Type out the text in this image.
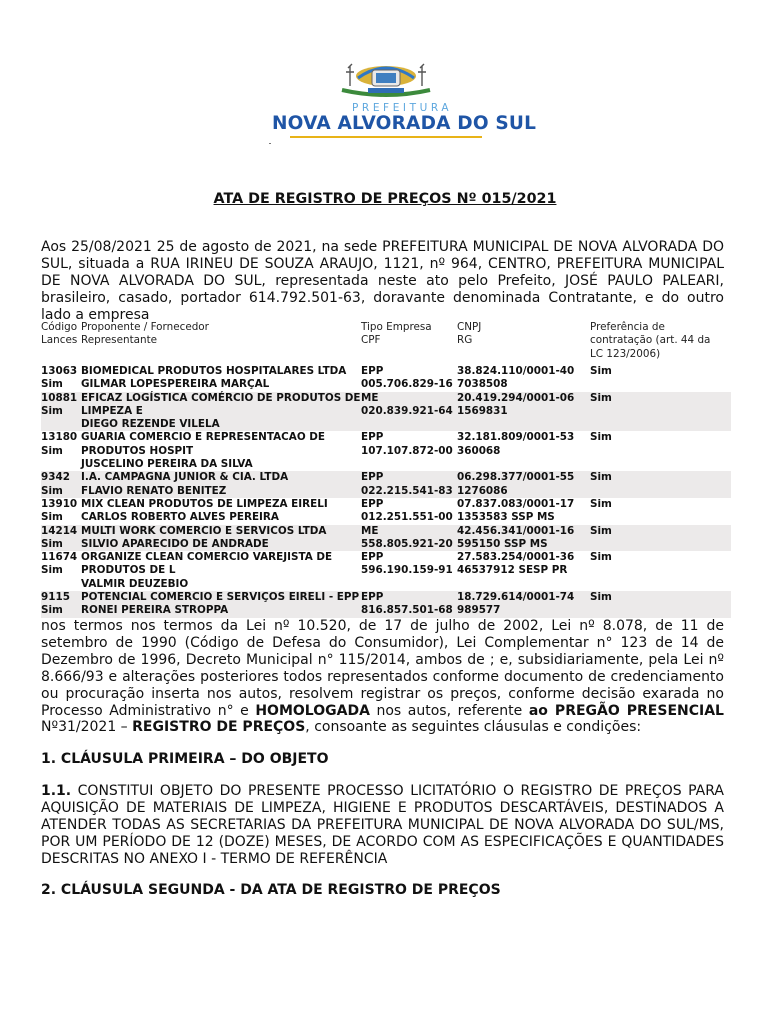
PREFEITURA
NOVA ALVORADA DO SUL
ATA DE REGISTRO DE PREÇOS Nº 015/2021

Aos 25/08/2021 25 de agosto de 2021, na sede PREFEITURA MUNICIPAL DE NOVA ALVORADA DO SUL, situada a RUA IRINEU DE SOUZA ARAUJO, 1121, nº 964, CENTRO, PREFEITURA MUNICIPAL DE NOVA ALVORADA DO SUL, representada neste ato pelo Prefeito, JOSÉ PAULO PALEARI, brasileiro, casado, portador 614.792.501-63, doravante denominada Contratante, e do outro lado a empresa

Código
Lances
Proponente / Fornecedor
Representante
Tipo Empresa
CPF
CNPJ
RG
Preferência de
contratação (art. 44 da
LC 123/2006)
13063
Sim
BIOMEDICAL PRODUTOS HOSPITALARES LTDA
GILMAR LOPESPEREIRA MARÇAL
EPP
005.706.829-16
38.824.110/0001-40
7038508
Sim
10881
Sim
EFICAZ LOGÍSTICA COMÉRCIO DE PRODUTOS DE
LIMPEZA E
DIEGO REZENDE VILELA
ME
020.839.921-64
20.419.294/0001-06
1569831
Sim
13180
Sim
GUARIA COMERCIO E REPRESENTACAO DE
PRODUTOS HOSPIT
JUSCELINO PEREIRA DA SILVA
EPP
107.107.872-00
32.181.809/0001-53
360068
Sim
9342
Sim
I.A. CAMPAGNA JUNIOR & CIA. LTDA
FLAVIO RENATO BENITEZ
EPP
022.215.541-83
06.298.377/0001-55
1276086
Sim
13910
Sim
MIX CLEAN PRODUTOS DE LIMPEZA EIRELI
CARLOS ROBERTO ALVES PEREIRA
EPP
012.251.551-00
07.837.083/0001-17
1353583 SSP MS
Sim
14214
Sim
MULTI WORK COMERCIO E SERVICOS LTDA
SILVIO APARECIDO DE ANDRADE
ME
558.805.921-20
42.456.341/0001-16
595150 SSP MS
Sim
11674
Sim
ORGANIZE CLEAN COMERCIO VAREJISTA DE
PRODUTOS DE L
VALMIR DEUZEBIO
EPP
596.190.159-91
27.583.254/0001-36
46537912 SESP PR
Sim
9115
Sim
POTENCIAL COMERCIO E SERVIÇOS EIRELI - EPP
RONEI PEREIRA STROPPA
EPP
816.857.501-68
18.729.614/0001-74
989577
Sim

nos termos nos termos da Lei nº 10.520, de 17 de julho de 2002, Lei nº 8.078, de 11 de setembro de 1990 (Código de Defesa do Consumidor), Lei Complementar n° 123 de 14 de Dezembro de 1996, Decreto Municipal n° 115/2014, ambos de ; e, subsidiariamente, pela Lei nº 8.666/93 e alterações posteriores todos representados conforme documento de credenciamento ou procuração inserta nos autos, resolvem registrar os preços, conforme decisão exarada no Processo Administrativo n° e HOMOLOGADA nos autos, referente ao PREGÃO PRESENCIAL Nº31/2021 – REGISTRO DE PREÇOS, consoante as seguintes cláusulas e condições:

1. CLÁUSULA PRIMEIRA – DO OBJETO

1.1. CONSTITUI OBJETO DO PRESENTE PROCESSO LICITATÓRIO O REGISTRO DE PREÇOS PARA AQUISIÇÃO DE MATERIAIS DE LIMPEZA, HIGIENE E PRODUTOS DESCARTÁVEIS, DESTINADOS A ATENDER TODAS AS SECRETARIAS DA PREFEITURA MUNICIPAL DE NOVA ALVORADA DO SUL/MS, POR UM PERÍODO DE 12 (DOZE) MESES, DE ACORDO COM AS ESPECIFICAÇÕES E QUANTIDADES DESCRITAS NO ANEXO I - TERMO DE REFERÊNCIA

2. CLÁUSULA SEGUNDA - DA ATA DE REGISTRO DE PREÇOS
